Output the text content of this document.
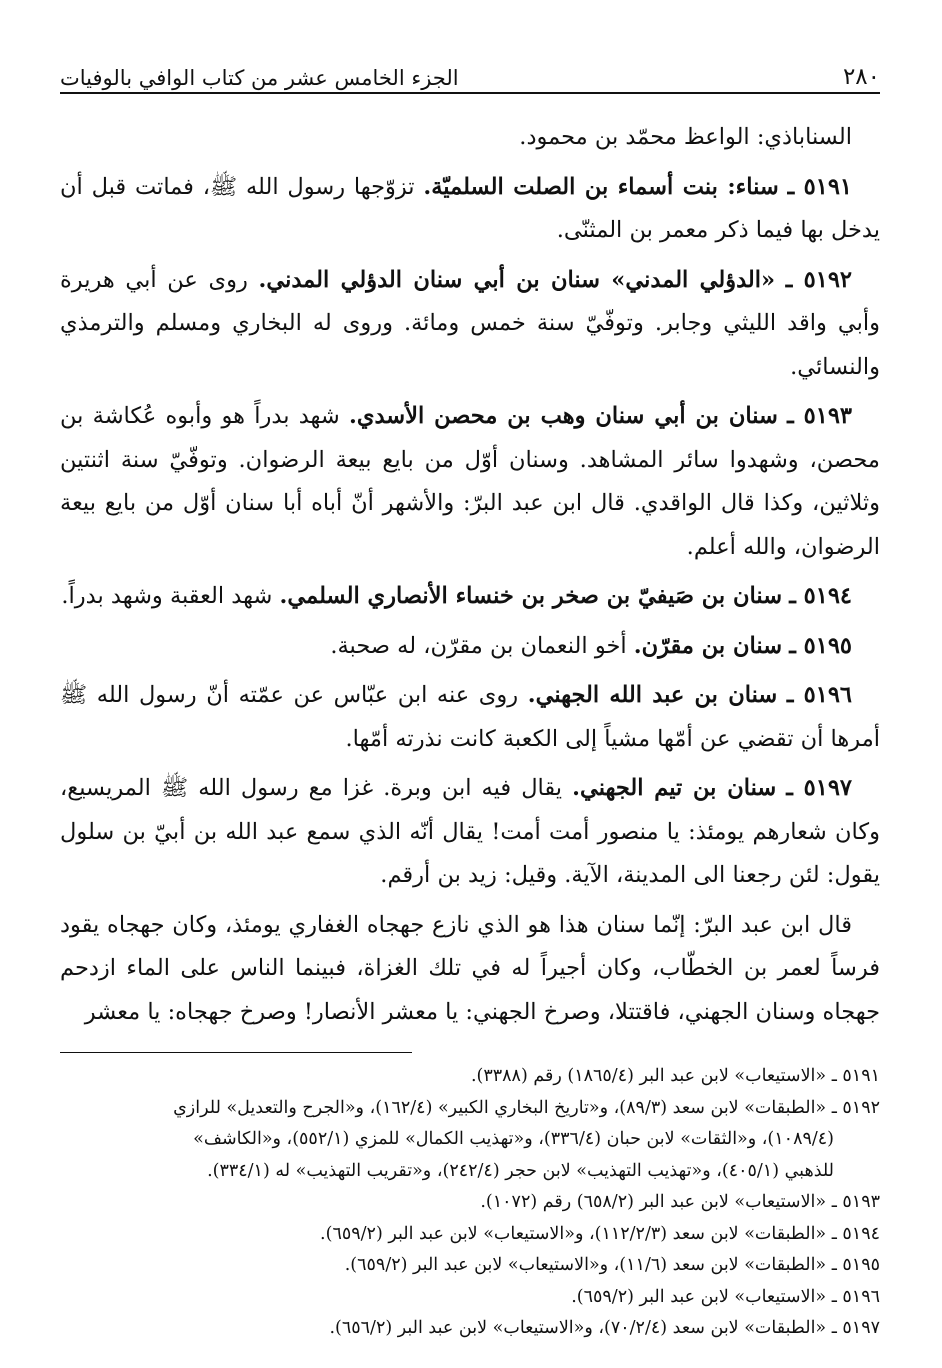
٢٨٠
الجزء الخامس عشر من كتاب الوافي بالوفيات

السناباذي: الواعظ محمّد بن محمود.

٥١٩١ ـ سناء: بنت أسماء بن الصلت السلميّة. تزوّجها رسول الله ﷺ، فماتت قبل أن يدخل بها فيما ذكر معمر بن المثنّى.

٥١٩٢ ـ «الدؤلي المدني» سنان بن أبي سنان الدؤلي المدني. روى عن أبي هريرة وأبي واقد الليثي وجابر. وتوفّيّ سنة خمس ومائة. وروى له البخاري ومسلم والترمذي والنسائي.

٥١٩٣ ـ سنان بن أبي سنان وهب بن محصن الأسدي. شهد بدراً هو وأبوه عُكاشة بن محصن، وشهدوا سائر المشاهد. وسنان أوّل من بايع بيعة الرضوان. وتوفّيّ سنة اثنتين وثلاثين، وكذا قال الواقدي. قال ابن عبد البرّ: والأشهر أنّ أباه أبا سنان أوّل من بايع بيعة الرضوان، والله أعلم.

٥١٩٤ ـ سنان بن صَيفيّ بن صخر بن خنساء الأنصاري السلمي. شهد العقبة وشهد بدراً.

٥١٩٥ ـ سنان بن مقرّن. أخو النعمان بن مقرّن، له صحبة.

٥١٩٦ ـ سنان بن عبد الله الجهني. روى عنه ابن عبّاس عن عمّته أنّ رسول الله ﷺ أمرها أن تقضي عن أمّها مشياً إلى الكعبة كانت نذرته أمّها.

٥١٩٧ ـ سنان بن تيم الجهني. يقال فيه ابن وبرة. غزا مع رسول الله ﷺ المريسيع، وكان شعارهم يومئذ: يا منصور أمت أمت! يقال أنّه الذي سمع عبد الله بن أبيّ بن سلول يقول: لئن رجعنا الى المدينة، الآية. وقيل: زيد بن أرقم.

قال ابن عبد البرّ: إنّما سنان هذا هو الذي نازع جهجاه الغفاري يومئذ، وكان جهجاه يقود فرساً لعمر بن الخطّاب، وكان أجيراً له في تلك الغزاة، فبينما الناس على الماء ازدحم جهجاه وسنان الجهني، فاقتتلا، وصرخ الجهني: يا معشر الأنصار! وصرخ جهجاه: يا معشر

٥١٩١ ـ «الاستيعاب» لابن عبد البر (١٨٦٥/٤) رقم (٣٣٨٨).

٥١٩٢ ـ «الطبقات» لابن سعد (٨٩/٣)، و«تاريخ البخاري الكبير» (١٦٢/٤)، و«الجرح والتعديل» للرازي

(١٠٨٩/٤)، و«الثقات» لابن حبان (٣٣٦/٤)، و«تهذيب الكمال» للمزي (٥٥٢/١)، و«الكاشف»

للذهبي (٤٠٥/١)، و«تهذيب التهذيب» لابن حجر (٢٤٢/٤)، و«تقريب التهذيب» له (٣٣٤/١).

٥١٩٣ ـ «الاستيعاب» لابن عبد البر (٦٥٨/٢) رقم (١٠٧٢).

٥١٩٤ ـ «الطبقات» لابن سعد (١١٢/٢/٣)، و«الاستيعاب» لابن عبد البر (٦٥٩/٢).

٥١٩٥ ـ «الطبقات» لابن سعد (١١/٦)، و«الاستيعاب» لابن عبد البر (٦٥٩/٢).

٥١٩٦ ـ «الاستيعاب» لابن عبد البر (٦٥٩/٢).

٥١٩٧ ـ «الطبقات» لابن سعد (٧٠/٢/٤)، و«الاستيعاب» لابن عبد البر (٦٥٦/٢).
